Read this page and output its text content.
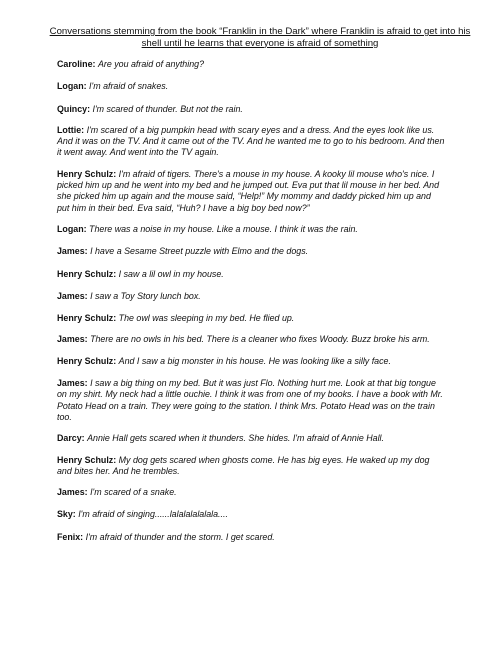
Conversations stemming from the book “Franklin in the Dark” where Franklin is afraid to get into his shell until he learns that everyone is afraid of something

Caroline: Are you afraid of anything?

Logan: I'm afraid of snakes.

Quincy: I'm scared of thunder. But not the rain.

Lottie: I'm scared of a big pumpkin head with scary eyes and a dress. And the eyes look like us. And it was on the TV. And it came out of the TV. And he wanted me to go to his bedroom. And then it went away. And went into the TV again.

Henry Schulz: I'm afraid of tigers. There's a mouse in my house. A kooky lil mouse who's nice. I picked him up and he went into my bed and he jumped out. Eva put that lil mouse in her bed. And she picked him up again and the mouse said, “Help!” My mommy and daddy picked him up and put him in their bed. Eva said, “Huh? I have a big boy bed now?”

Logan: There was a noise in my house. Like a mouse. I think it was the rain.

James: I have a Sesame Street puzzle with Elmo and the dogs.

Henry Schulz: I saw a lil owl in my house.

James: I saw a Toy Story lunch box.

Henry Schulz: The owl was sleeping in my bed. He flied up.

James: There are no owls in his bed. There is a cleaner who fixes Woody. Buzz broke his arm.

Henry Schulz: And I saw a big monster in his house. He was looking like a silly face.

James: I saw a big thing on my bed. But it was just Flo. Nothing hurt me. Look at that big tongue on my shirt. My neck had a little ouchie. I think it was from one of my books. I have a book with Mr. Potato Head on a train. They were going to the station. I think Mrs. Potato Head was on the train too.

Darcy: Annie Hall gets scared when it thunders. She hides. I'm afraid of Annie Hall.

Henry Schulz: My dog gets scared when ghosts come. He has big eyes. He waked up my dog and bites her. And he trembles.

James: I'm scared of a snake.

Sky: I'm afraid of singing......lalalalalalala....

Fenix: I'm afraid of thunder and the storm. I get scared.
